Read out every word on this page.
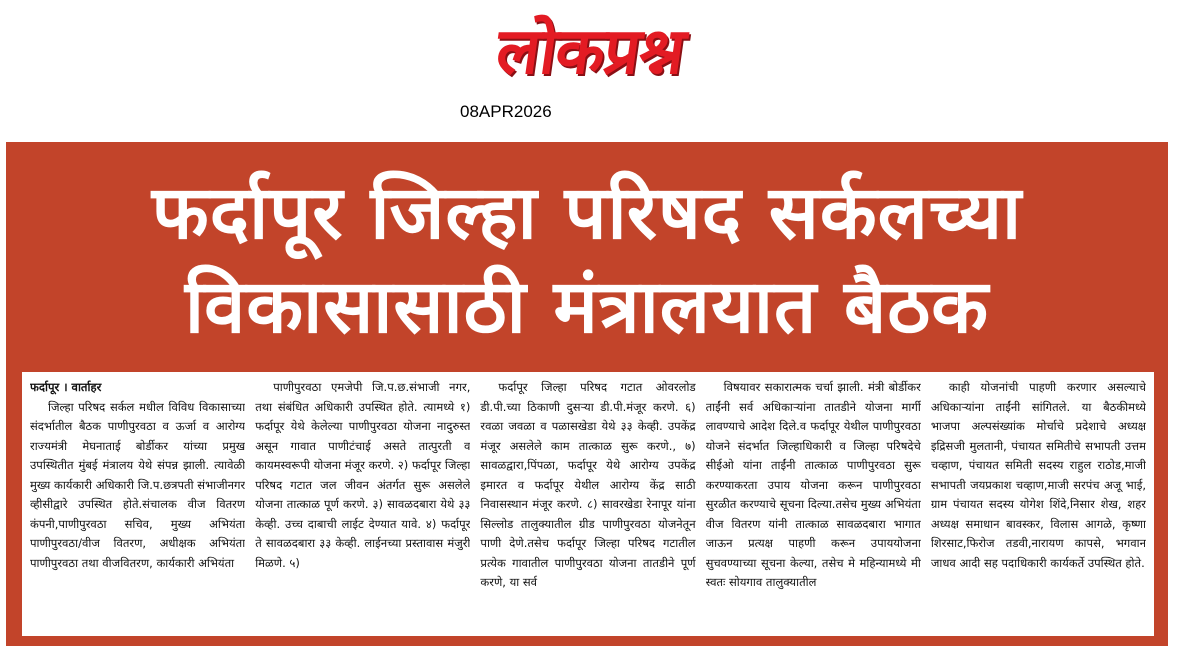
लोकप्रश्न
08APR2026
फर्दापूर जिल्हा परिषद सर्कलच्या
विकासासाठी मंत्रालयात बैठक
फर्दापूर । वार्ताहर

जिल्हा परिषद सर्कल मधील विविध विकासाच्या संदर्भातील बैठक पाणीपुरवठा व ऊर्जा व आरोग्य राज्यमंत्री मेघनाताई बोर्डीकर यांच्या प्रमुख उपस्थितीत मुंबई मंत्रालय येथे संपन्न झाली. त्यावेळी मुख्य कार्यकारी अधिकारी जि.प.छत्रपती संभाजीनगर व्हीसीद्वारे उपस्थित होते.संचालक वीज वितरण कंपनी,पाणीपुरवठा सचिव, मुख्य अभियंता पाणीपुरवठा/वीज वितरण, अधीक्षक अभियंता पाणीपुरवठा तथा वीजवितरण, कार्यकारी अभियंता

पाणीपुरवठा एमजेपी जि.प.छ.संभाजी नगर, तथा संबंधित अधिकारी उपस्थित होते. त्यामध्ये १) फर्दापूर येथे केलेल्या पाणीपुरवठा योजना नादुरुस्त असून गावात पाणीटंचाई असते तात्पुरती व कायमस्वरूपी योजना मंजूर करणे. २) फर्दापूर जिल्हा परिषद गटात जल जीवन अंतर्गत सुरू असलेले योजना तात्काळ पूर्ण करणे. ३) सावळदबारा येथे ३३ केव्ही. उच्च दाबाची लाईट देण्यात यावे. ४) फर्दापूर ते सावळदबारा ३३ केव्ही. लाईनच्या प्रस्तावास मंजुरी मिळणे. ५)

फर्दापूर जिल्हा परिषद गटात ओवरलोड डी.पी.च्या ठिकाणी दुसऱ्या डी.पी.मंजूर करणे. ६) रवळा जवळा व पळासखेडा येथे ३३ केव्ही. उपकेंद्र मंजूर असलेले काम तात्काळ सुरू करणे., ७) सावळद्वारा,पिंपळा, फर्दापूर येथे आरोग्य उपकेंद्र इमारत व फर्दापूर येथील आरोग्य केंद्र साठी निवासस्थान मंजूर करणे. ८) सावरखेडा रेनापूर यांना सिल्लोड तालुक्यातील ग्रीड पाणीपुरवठा योजनेतून पाणी देणे.तसेच फर्दापूर जिल्हा परिषद गटातील प्रत्येक गावातील पाणीपुरवठा योजना तातडीने पूर्ण करणे, या सर्व

विषयावर सकारात्मक चर्चा झाली. मंत्री बोर्डीकर ताईंनी सर्व अधिकाऱ्यांना तातडीने योजना मार्गी लावण्याचे आदेश दिले.व फर्दापूर येथील पाणीपुरवठा योजने संदर्भात जिल्हाधिकारी व जिल्हा परिषदेचे सीईओ यांना ताईंनी तात्काळ पाणीपुरवठा सुरू करण्याकरता उपाय योजना करून पाणीपुरवठा सुरळीत करण्याचे सूचना दिल्या.तसेच मुख्य अभियंता वीज वितरण यांनी तात्काळ सावळदबारा भागात जाऊन प्रत्यक्ष पाहणी करून उपाययोजना सुचवण्याच्या सूचना केल्या, तसेच मे महिन्यामध्ये मी स्वतः सोयगाव तालुक्यातील

काही योजनांची पाहणी करणार असल्याचे अधिकाऱ्यांना ताईंनी सांगितले. या बैठकीमध्ये भाजपा अल्पसंख्यांक मोर्चाचे प्रदेशाचे अध्यक्ष इद्रिसजी मुलतानी, पंचायत समितीचे सभापती उत्तम चव्हाण, पंचायत समिती सदस्य राहुल राठोड,माजी सभापती जयप्रकाश चव्हाण,माजी सरपंच अजू भाई, ग्राम पंचायत सदस्य योगेश शिंदे,निसार शेख, शहर अध्यक्ष समाधान बावस्कर, विलास आगळे, कृष्णा शिरसाट,फिरोज तडवी,नारायण कापसे, भगवान जाधव आदी सह पदाधिकारी कार्यकर्ते उपस्थित होते.
